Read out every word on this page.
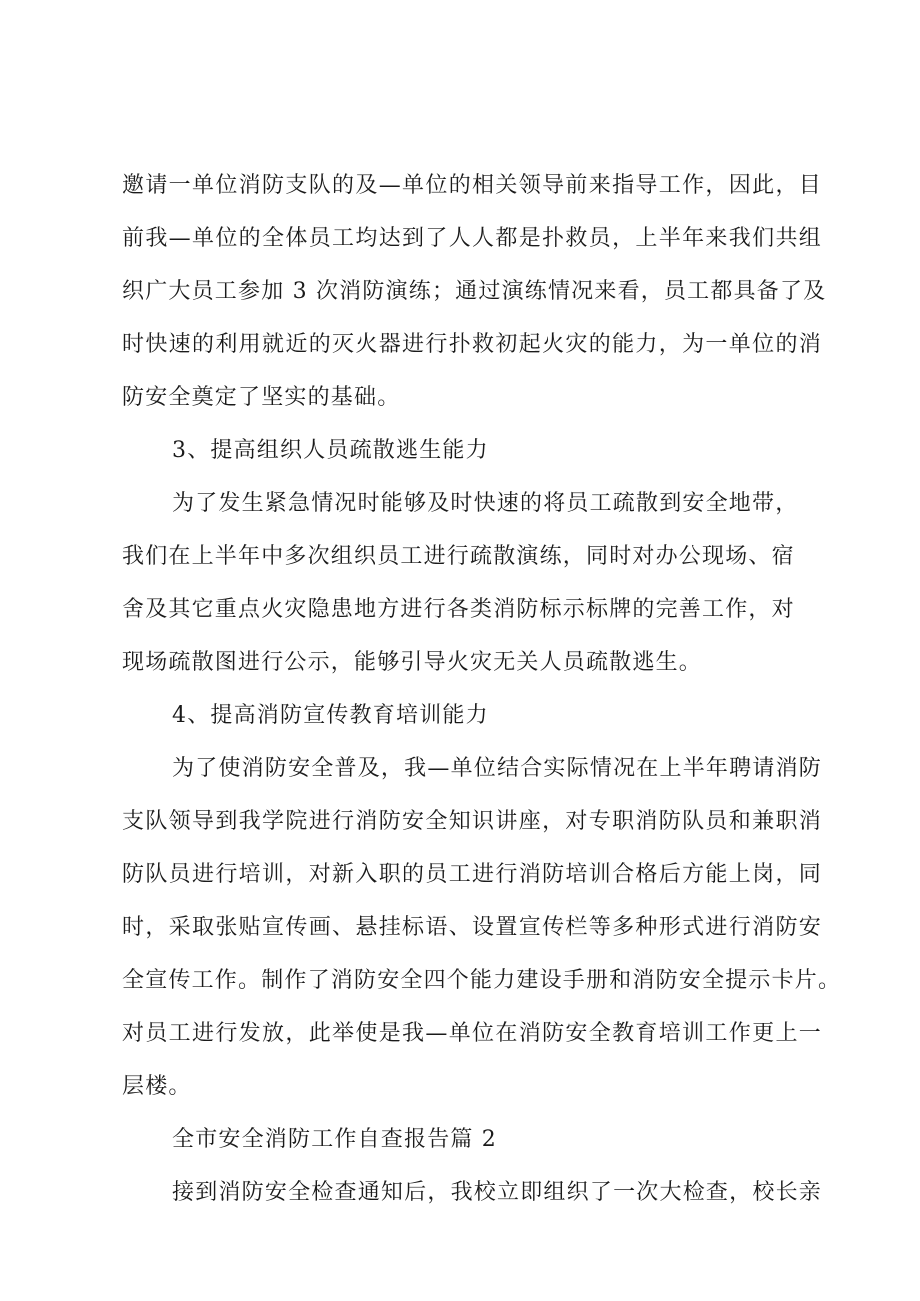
邀请一单位消防支队的及—单位的相关领导前来指导工作，因此，目
前我—单位的全体员工均达到了人人都是扑救员，上半年来我们共组
织广大员工参加 3 次消防演练；通过演练情况来看，员工都具备了及
时快速的利用就近的灭火器进行扑救初起火灾的能力，为一单位的消
防安全奠定了坚实的基础。
3、提高组织人员疏散逃生能力
为了发生紧急情况时能够及时快速的将员工疏散到安全地带，
我们在上半年中多次组织员工进行疏散演练，同时对办公现场、宿
舍及其它重点火灾隐患地方进行各类消防标示标牌的完善工作，对
现场疏散图进行公示，能够引导火灾无关人员疏散逃生。
4、提高消防宣传教育培训能力
为了使消防安全普及，我—单位结合实际情况在上半年聘请消防
支队领导到我学院进行消防安全知识讲座，对专职消防队员和兼职消
防队员进行培训，对新入职的员工进行消防培训合格后方能上岗，同
时，采取张贴宣传画、悬挂标语、设置宣传栏等多种形式进行消防安
全宣传工作。制作了消防安全四个能力建设手册和消防安全提示卡片。
对员工进行发放，此举使是我—单位在消防安全教育培训工作更上一
层楼。
全市安全消防工作自查报告篇 2
接到消防安全检查通知后，我校立即组织了一次大检查，校长亲
